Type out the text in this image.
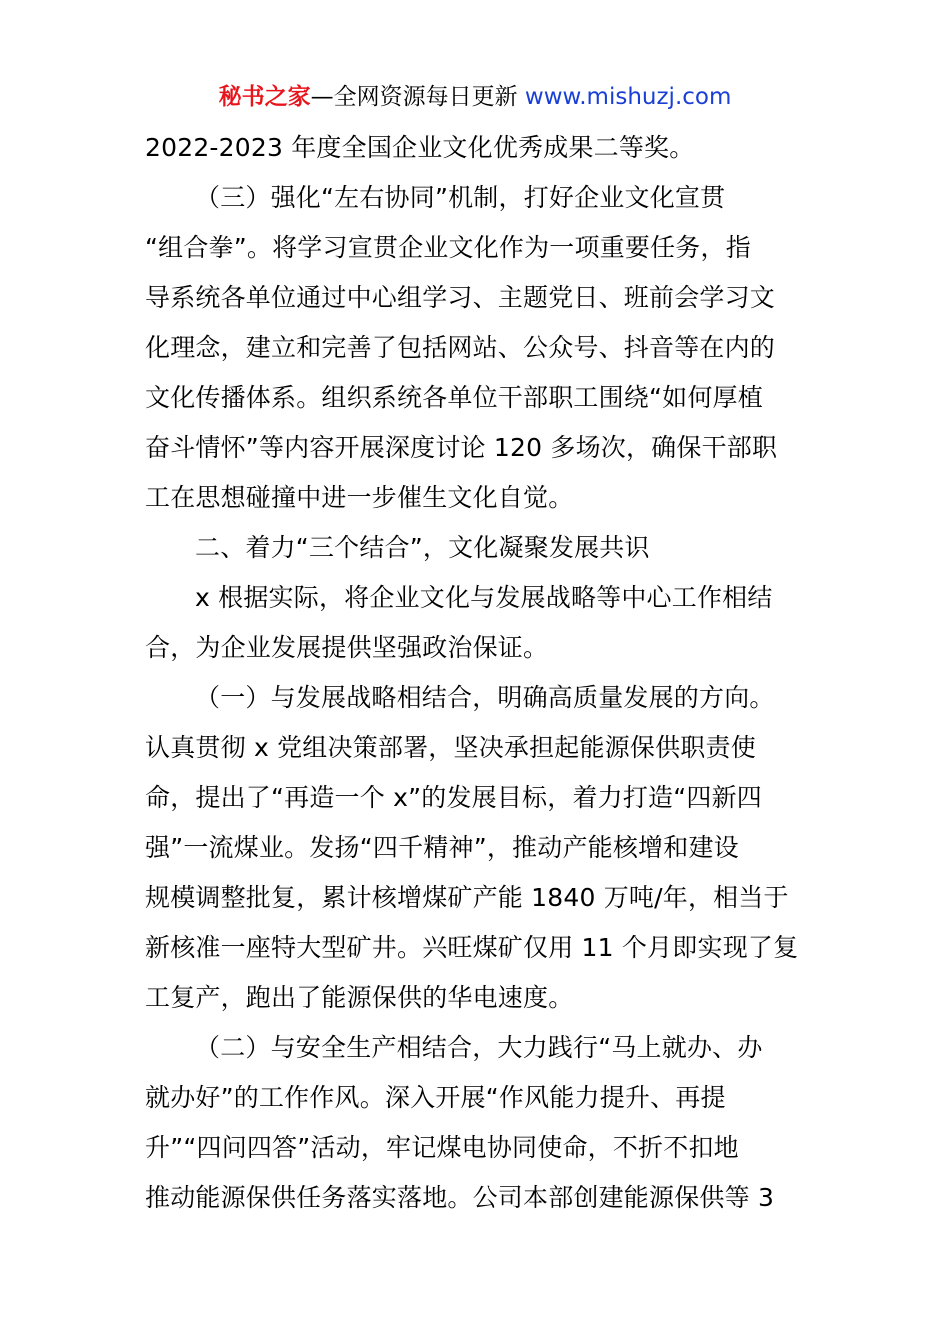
秘书之家—全网资源每日更新 www.mishuzj.com
2022-2023 年度全国企业文化优秀成果二等奖。
（三）强化“左右协同”机制，打好企业文化宣贯
“组合拳”。将学习宣贯企业文化作为一项重要任务，指
导系统各单位通过中心组学习、主题党日、班前会学习文
化理念，建立和完善了包括网站、公众号、抖音等在内的
文化传播体系。组织系统各单位干部职工围绕“如何厚植
奋斗情怀”等内容开展深度讨论 120 多场次，确保干部职
工在思想碰撞中进一步催生文化自觉。
二、着力“三个结合”，文化凝聚发展共识
x 根据实际，将企业文化与发展战略等中心工作相结
合，为企业发展提供坚强政治保证。
（一）与发展战略相结合，明确高质量发展的方向。
认真贯彻 x 党组决策部署，坚决承担起能源保供职责使
命，提出了“再造一个 x”的发展目标，着力打造“四新四
强”一流煤业。发扬“四千精神”，推动产能核增和建设
规模调整批复，累计核增煤矿产能 1840 万吨/年，相当于
新核准一座特大型矿井。兴旺煤矿仅用 11 个月即实现了复
工复产，跑出了能源保供的华电速度。
（二）与安全生产相结合，大力践行“马上就办、办
就办好”的工作作风。深入开展“作风能力提升、再提
升”“四问四答”活动，牢记煤电协同使命，不折不扣地
推动能源保供任务落实落地。公司本部创建能源保供等 3
